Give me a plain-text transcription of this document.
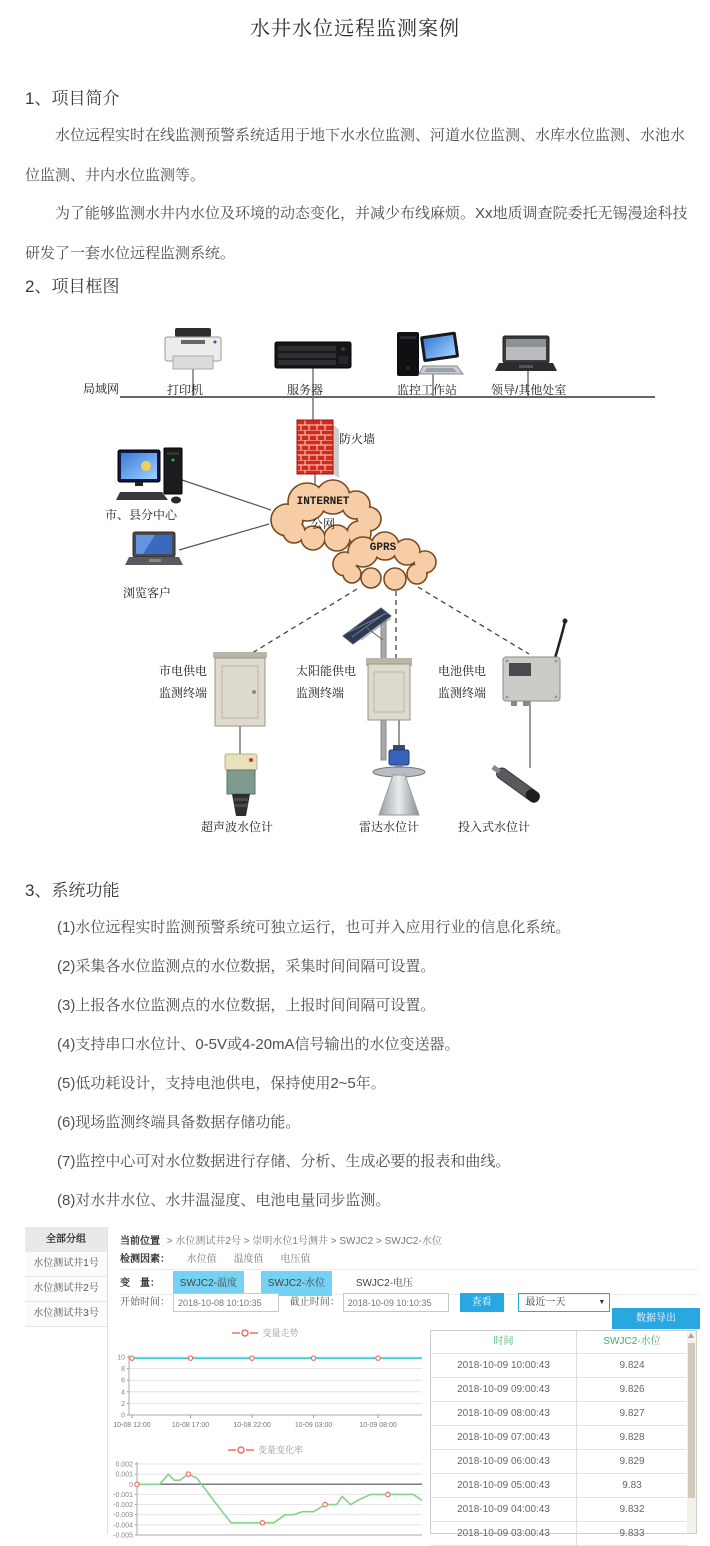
水井水位远程监测案例
1、项目简介
水位远程实时在线监测预警系统适用于地下水水位监测、河道水位监测、水库水位监测、水池水位监测、井内水位监测等。
为了能够监测水井内水位及环境的动态变化，并减少布线麻烦。Xx地质调查院委托无锡漫途科技研发了一套水位远程监测系统。
2、项目框图
局域网	打印机	服务器	监控工作站	领导/其他处室
防火墙
INTERNET
公网
GPRS
市、县分中心
浏览客户
市电供电
监测终端
太阳能供电
监测终端
电池供电
监测终端
超声波水位计	雷达水位计	投入式水位计
3、系统功能
(1)水位远程实时监测预警系统可独立运行，也可并入应用行业的信息化系统。
(2)采集各水位监测点的水位数据，采集时间间隔可设置。
(3)上报各水位监测点的水位数据，上报时间间隔可设置。
(4)支持串口水位计、0-5V或4-20mA信号输出的水位变送器。
(5)低功耗设计，支持电池供电，保持使用2~5年。
(6)现场监测终端具备数据存储功能。
(7)监控中心可对水位数据进行存储、分析、生成必要的报表和曲线。
(8)对水井水位、水井温湿度、电池电量同步监测。
全部分组
水位测试井1号
水位测试井2号
水位测试井3号
当前位置 > 水位测试井2号 > 崇明水位1号测井 > SWJC2 > SWJC2-水位
检测因素： 水位值 温度值 电压值
变　量： SWJC2-温度	SWJC2-水位	SWJC2-电压
开始时间：2018-10-08 10:10:35	截止时间：2018-10-09 10:10:35	查看	最近一天	▼
数据导出
变量走势
0
2
4
6
8
10
10-08 12:00	10-08 17:00	10-08 22:00	10-09 03:00	10-09 08:00
变量变化率
0.002
0.001
0
-0.001
-0.002
-0.003
-0.004
-0.005
时间	SWJC2-水位
2018-10-09 10:00:43	9.824
2018-10-09 09:00:43	9.826
2018-10-09 08:00:43	9.827
2018-10-09 07:00:43	9.828
2018-10-09 06:00:43	9.829
2018-10-09 05:00:43	9.83
2018-10-09 04:00:43	9.832
2018-10-09 03:00:43	9.833
